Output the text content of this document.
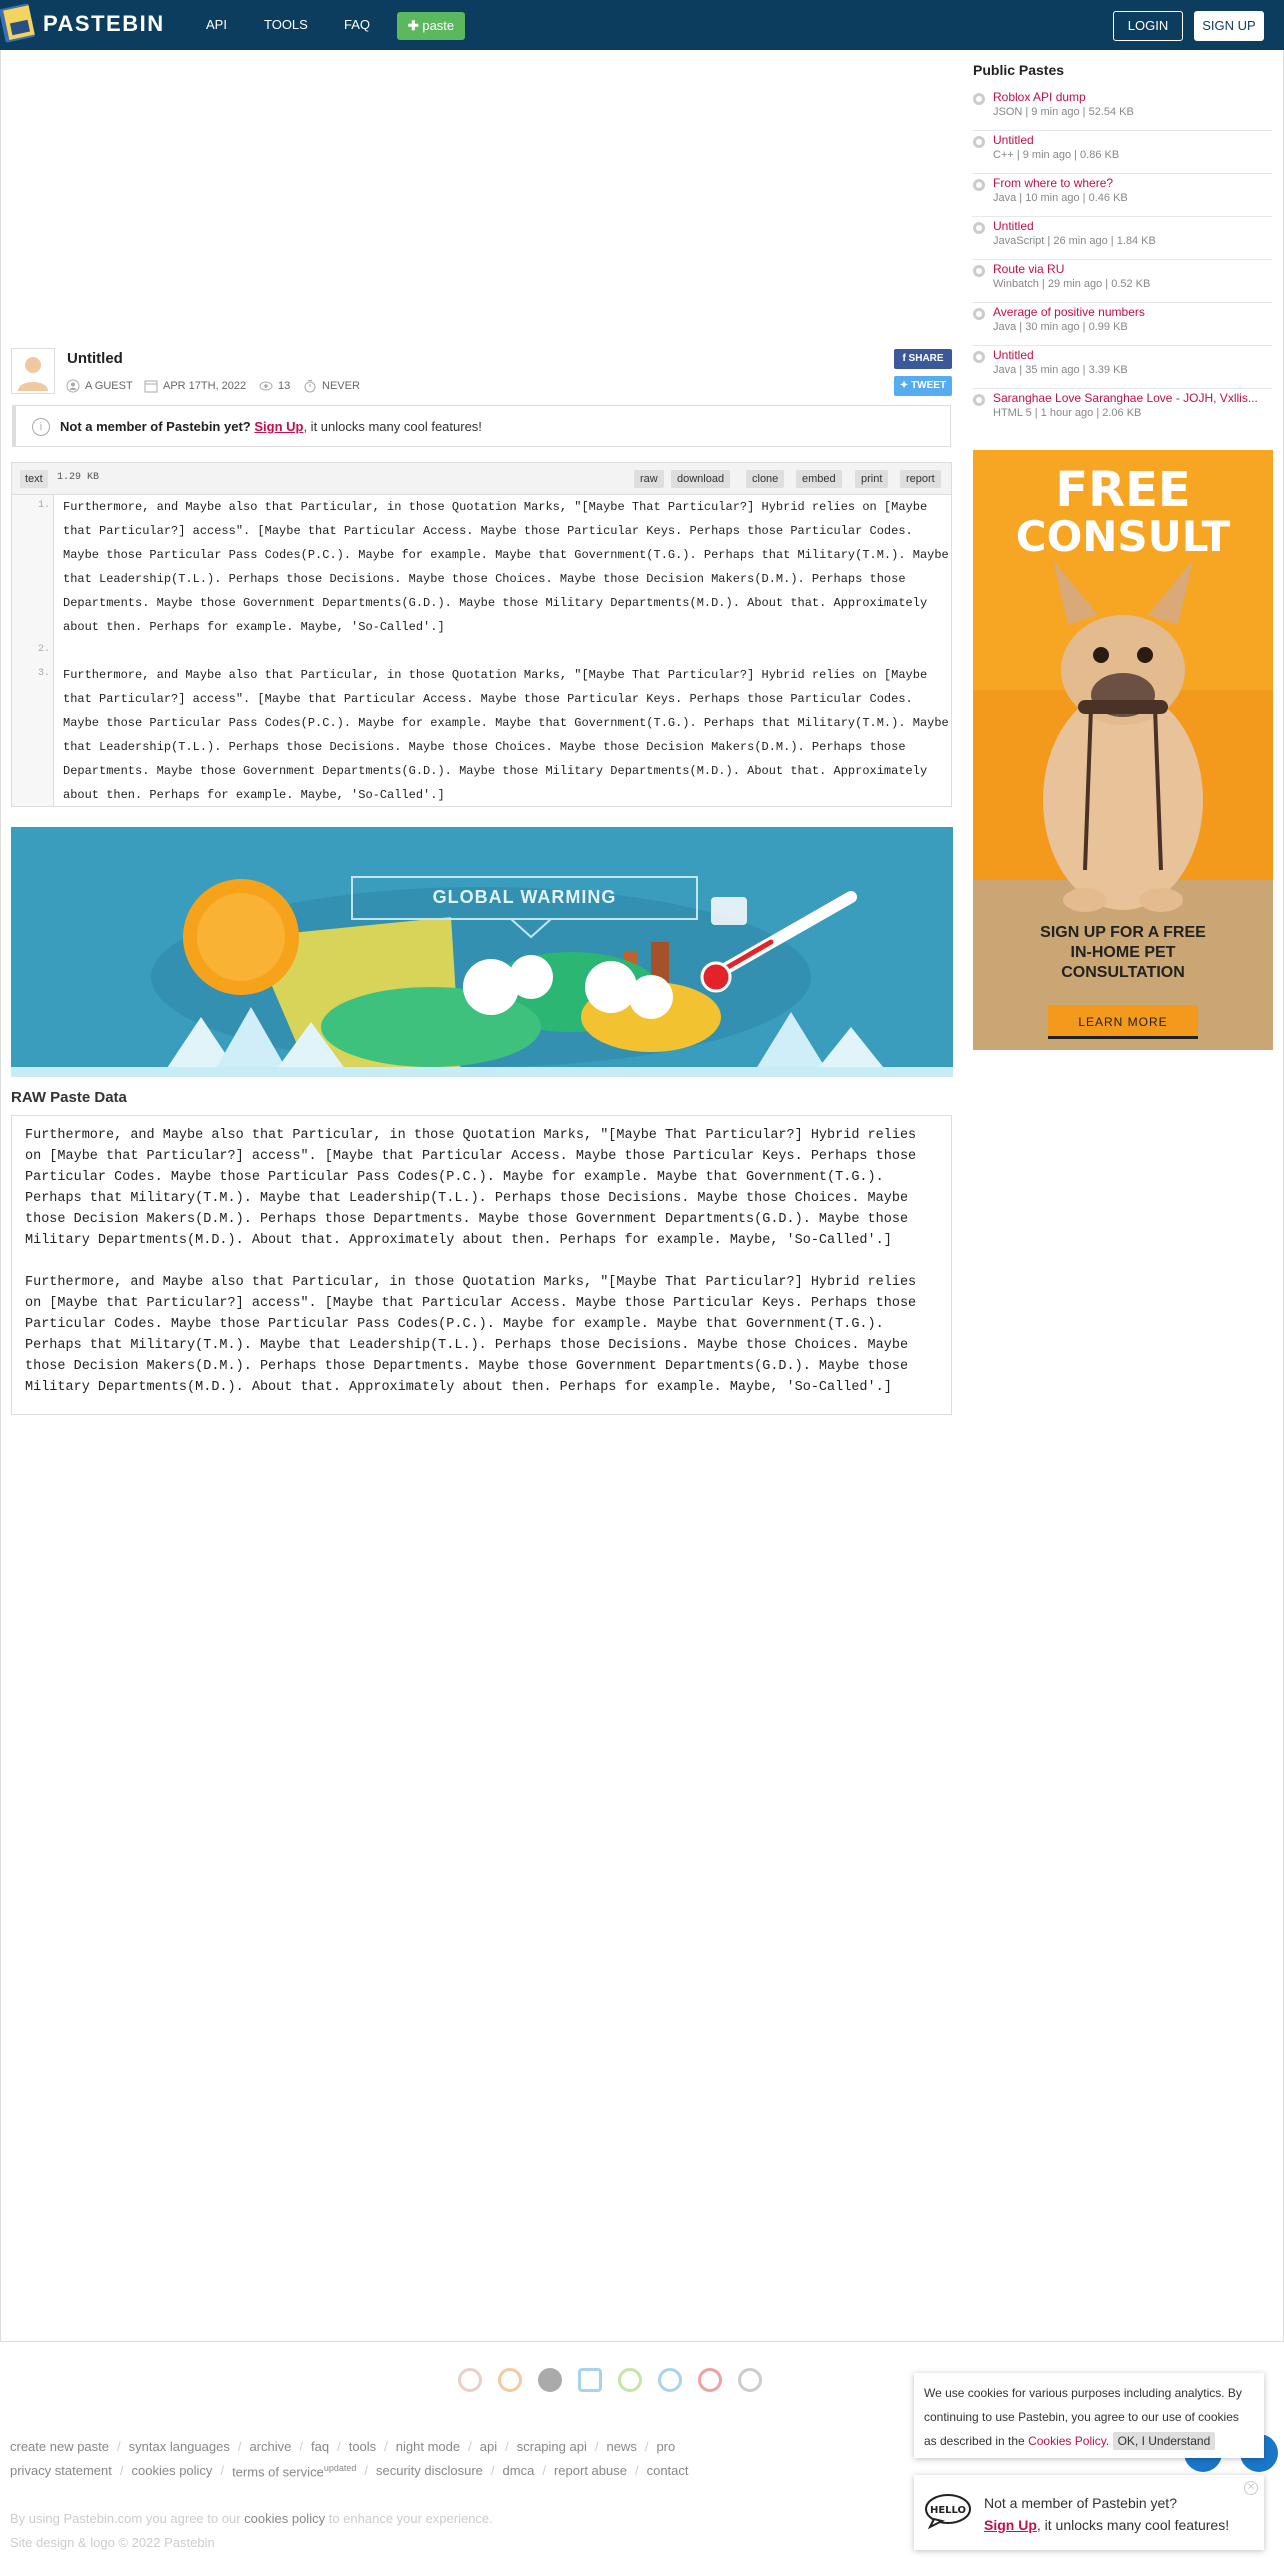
PASTEBIN	API	TOOLS	FAQ	✚ paste	LOGIN	SIGN UP
Untitled
A GUEST	APR 17TH, 2022	13	NEVER
f SHARE
✦ TWEET
i	Not a member of Pastebin yet? Sign Up, it unlocks many cool features!
text	1.29 KB	raw	download	clone	embed	print	report
1.
2.
3.
Furthermore, and Maybe also that Particular, in those Quotation Marks, "[Maybe That Particular?] Hybrid relies on [Maybe that Particular?] access". [Maybe that Particular Access. Maybe those Particular Keys. Perhaps those Particular Codes. Maybe those Particular Pass Codes(P.C.). Maybe for example. Maybe that Government(T.G.). Perhaps that Military(T.M.). Maybe that Leadership(T.L.). Perhaps those Decisions. Maybe those Choices. Maybe those Decision Makers(D.M.). Perhaps those Departments. Maybe those Government Departments(G.D.). Maybe those Military Departments(M.D.). About that. Approximately about then. Perhaps for example. Maybe, 'So-Called'.]
Furthermore, and Maybe also that Particular, in those Quotation Marks, "[Maybe That Particular?] Hybrid relies on [Maybe that Particular?] access". [Maybe that Particular Access. Maybe those Particular Keys. Perhaps those Particular Codes. Maybe those Particular Pass Codes(P.C.). Maybe for example. Maybe that Government(T.G.). Perhaps that Military(T.M.). Maybe that Leadership(T.L.). Perhaps those Decisions. Maybe those Choices. Maybe those Decision Makers(D.M.). Perhaps those Departments. Maybe those Government Departments(G.D.). Maybe those Military Departments(M.D.). About that. Approximately about then. Perhaps for example. Maybe, 'So-Called'.]
GLOBAL WARMING
RAW Paste Data
Furthermore, and Maybe also that Particular, in those Quotation Marks, "[Maybe That Particular?] Hybrid relies on [Maybe that Particular?] access". [Maybe that Particular Access. Maybe those Particular Keys. Perhaps those Particular Codes. Maybe those Particular Pass Codes(P.C.). Maybe for example. Maybe that Government(T.G.). Perhaps that Military(T.M.). Maybe that Leadership(T.L.). Perhaps those Decisions. Maybe those Choices. Maybe those Decision Makers(D.M.). Perhaps those Departments. Maybe those Government Departments(G.D.). Maybe those Military Departments(M.D.). About that. Approximately about then. Perhaps for example. Maybe, 'So-Called'.]

Furthermore, and Maybe also that Particular, in those Quotation Marks, "[Maybe That Particular?] Hybrid relies on [Maybe that Particular?] access". [Maybe that Particular Access. Maybe those Particular Keys. Perhaps those Particular Codes. Maybe those Particular Pass Codes(P.C.). Maybe for example. Maybe that Government(T.G.). Perhaps that Military(T.M.). Maybe that Leadership(T.L.). Perhaps those Decisions. Maybe those Choices. Maybe those Decision Makers(D.M.). Perhaps those Departments. Maybe those Government Departments(G.D.). Maybe those Military Departments(M.D.). About that. Approximately about then. Perhaps for example. Maybe, 'So-Called'.]
Public Pastes
Roblox API dump
JSON | 9 min ago | 52.54 KB
Untitled
C++ | 9 min ago | 0.86 KB
From where to where?
Java | 10 min ago | 0.46 KB
Untitled
JavaScript | 26 min ago | 1.84 KB
Route via RU
Winbatch | 29 min ago | 0.52 KB
Average of positive numbers
Java | 30 min ago | 0.99 KB
Untitled
Java | 35 min ago | 3.39 KB
Saranghae Love Saranghae Love - JOJH, Vxllis...
HTML 5 | 1 hour ago | 2.06 KB
FREE
CONSULT
SIGN UP FOR A FREE
IN-HOME PET
CONSULTATION
LEARN MORE
create new paste / syntax languages / archive / faq / tools / night mode / api / scraping api / news / pro
privacy statement / cookies policy / terms of service$^{updated}$ / security disclosure / dmca / report abuse / contact
By using Pastebin.com you agree to our cookies policy to enhance your experience.
Site design & logo © 2022 Pastebin
We use cookies for various purposes including analytics. By continuing to use Pastebin, you agree to our use of cookies as described in the Cookies Policy. OK, I Understand
HELLO Not a member of Pastebin yet?
Sign Up, it unlocks many cool features!
✕
